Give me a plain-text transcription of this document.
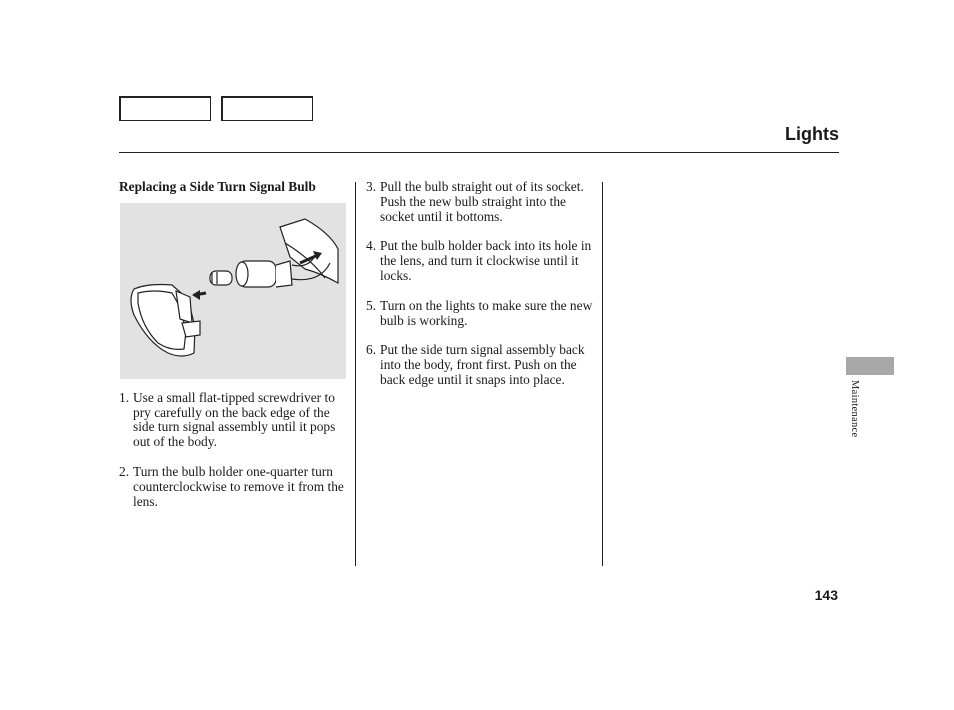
Lights
Replacing a Side Turn Signal Bulb
1. Use a small flat-tipped screwdriver to pry carefully on the back edge of the side turn signal assembly until it pops out of the body.
2. Turn the bulb holder one-quarter turn counterclockwise to remove it from the lens.
3. Pull the bulb straight out of its socket. Push the new bulb straight into the socket until it bottoms.
4. Put the bulb holder back into its hole in the lens, and turn it clockwise until it locks.
5. Turn on the lights to make sure the new bulb is working.
6. Put the side turn signal assembly back into the body, front first. Push on the back edge until it snaps into place.
Maintenance
143
